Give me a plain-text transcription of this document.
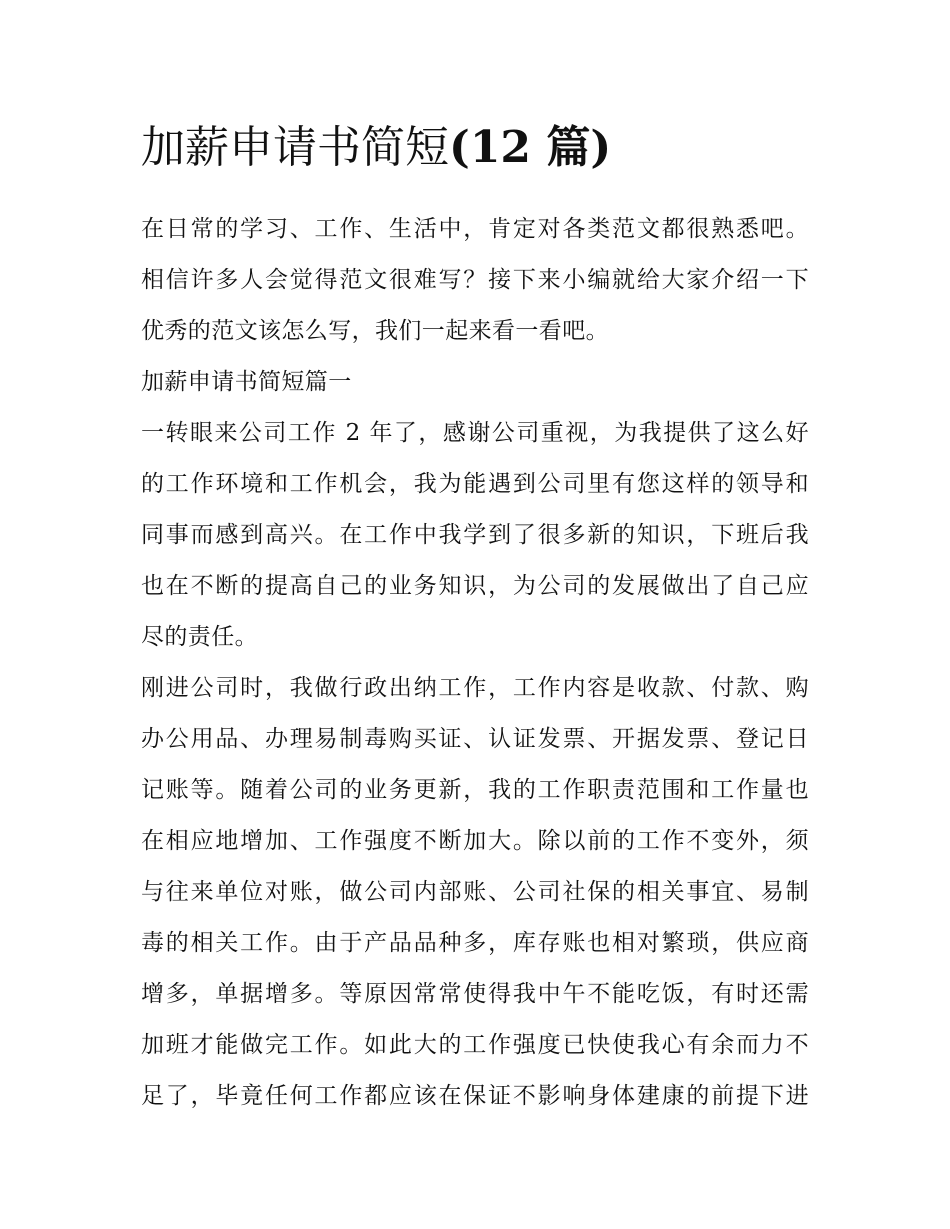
加薪申请书简短(12 篇)
在日常的学习、工作、生活中，肯定对各类范文都很熟悉吧。
相信许多人会觉得范文很难写？接下来小编就给大家介绍一下
优秀的范文该怎么写，我们一起来看一看吧。
加薪申请书简短篇一
一转眼来公司工作 2 年了，感谢公司重视，为我提供了这么好
的工作环境和工作机会，我为能遇到公司里有您这样的领导和
同事而感到高兴。在工作中我学到了很多新的知识，下班后我
也在不断的提高自己的业务知识，为公司的发展做出了自己应
尽的责任。
刚进公司时，我做行政出纳工作，工作内容是收款、付款、购
办公用品、办理易制毒购买证、认证发票、开据发票、登记日
记账等。随着公司的业务更新，我的工作职责范围和工作量也
在相应地增加、工作强度不断加大。除以前的工作不变外，须
与往来单位对账，做公司内部账、公司社保的相关事宜、易制
毒的相关工作。由于产品品种多，库存账也相对繁琐，供应商
增多，单据增多。等原因常常使得我中午不能吃饭，有时还需
加班才能做完工作。如此大的工作强度已快使我心有余而力不
足了，毕竟任何工作都应该在保证不影响身体建康的前提下进
